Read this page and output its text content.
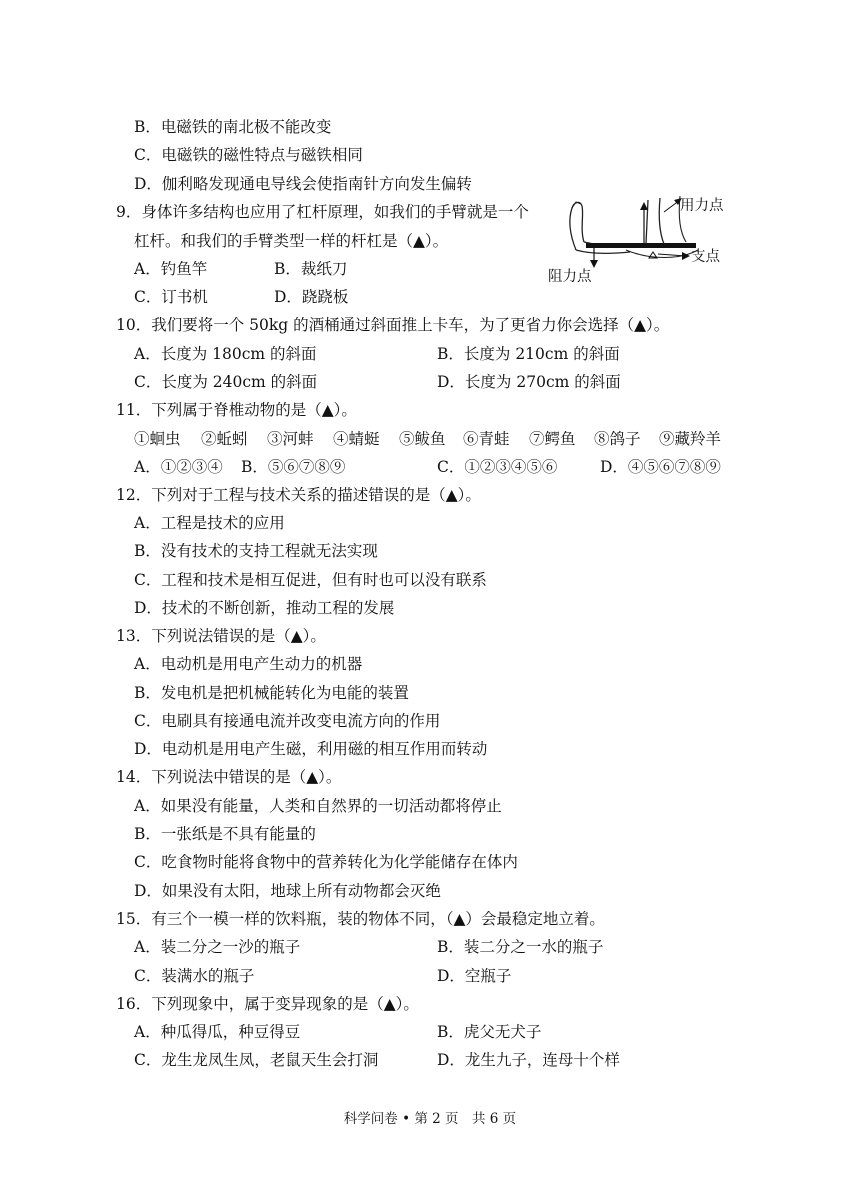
B．电磁铁的南北极不能改变
C．电磁铁的磁性特点与磁铁相同
D．伽利略发现通电导线会使指南针方向发生偏转
9．身体许多结构也应用了杠杆原理，如我们的手臂就是一个
杠杆。和我们的手臂类型一样的杆杠是（▲）。
A．钓鱼竿	B．裁纸刀
C．订书机	D．跷跷板
用力点
支点
阻力点
10．我们要将一个 50kg 的酒桶通过斜面推上卡车，为了更省力你会选择（▲）。
A．长度为 180cm 的斜面	B．长度为 210cm 的斜面
C．长度为 240cm 的斜面	D．长度为 270cm 的斜面
11．下列属于脊椎动物的是（▲）。
①蛔虫 ②蚯蚓 ③河蚌 ④蜻蜓 ⑤鲅鱼 ⑥青蛙 ⑦鳄鱼 ⑧鸽子 ⑨藏羚羊
A．①②③④ B．⑤⑥⑦⑧⑨	C．①②③④⑤⑥	D．④⑤⑥⑦⑧⑨
12．下列对于工程与技术关系的描述错误的是（▲）。
A．工程是技术的应用
B．没有技术的支持工程就无法实现
C．工程和技术是相互促进，但有时也可以没有联系
D．技术的不断创新，推动工程的发展
13．下列说法错误的是（▲）。
A．电动机是用电产生动力的机器
B．发电机是把机械能转化为电能的装置
C．电刷具有接通电流并改变电流方向的作用
D．电动机是用电产生磁，利用磁的相互作用而转动
14．下列说法中错误的是（▲）。
A．如果没有能量，人类和自然界的一切活动都将停止
B．一张纸是不具有能量的
C．吃食物时能将食物中的营养转化为化学能储存在体内
D．如果没有太阳，地球上所有动物都会灭绝
15．有三个一模一样的饮料瓶，装的物体不同，（▲）会最稳定地立着。
A．装二分之一沙的瓶子	B．装二分之一水的瓶子
C．装满水的瓶子	D．空瓶子
16．下列现象中，属于变异现象的是（▲）。
A．种瓜得瓜，种豆得豆	B．虎父无犬子
C．龙生龙凤生凤，老鼠天生会打洞	D．龙生九子，连母十个样
科学问卷 • 第 2 页　共 6 页
